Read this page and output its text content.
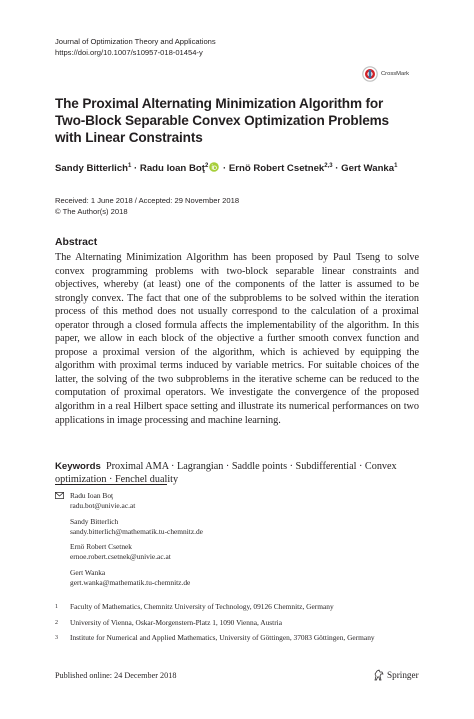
Journal of Optimization Theory and Applications
https://doi.org/10.1007/s10957-018-01454-y
CrossMark
The Proximal Alternating Minimization Algorithm for Two-Block Separable Convex Optimization Problems with Linear Constraints
Sandy Bitterlich$^1$ · Radu Ioan Boţ$^2$ · Ernö Robert Csetnek$^{2,3}$ · Gert Wanka$^1$
Received: 1 June 2018 / Accepted: 29 November 2018
© The Author(s) 2018
Abstract
The Alternating Minimization Algorithm has been proposed by Paul Tseng to solve convex programming problems with two-block separable linear constraints and objectives, whereby (at least) one of the components of the latter is assumed to be strongly convex. The fact that one of the subproblems to be solved within the iteration process of this method does not usually correspond to the calculation of a proximal operator through a closed formula affects the implementability of the algorithm. In this paper, we allow in each block of the objective a further smooth convex function and propose a proximal version of the algorithm, which is achieved by equipping the algorithm with proximal terms induced by variable metrics. For suitable choices of the latter, the solving of the two subproblems in the iterative scheme can be reduced to the computation of proximal operators. We investigate the convergence of the proposed algorithm in a real Hilbert space setting and illustrate its numerical performances on two applications in image processing and machine learning.
Keywords Proximal AMA · Lagrangian · Saddle points · Subdifferential · Convex optimization · Fenchel duality
Radu Ioan Boţ
radu.bot@univie.ac.at
Sandy Bitterlich
sandy.bitterlich@mathematik.tu-chemnitz.de
Ernö Robert Csetnek
ernoe.robert.csetnek@univie.ac.at
Gert Wanka
gert.wanka@mathematik.tu-chemnitz.de
1	Faculty of Mathematics, Chemnitz University of Technology, 09126 Chemnitz, Germany
2	University of Vienna, Oskar-Morgenstern-Platz 1, 1090 Vienna, Austria
3	Institute for Numerical and Applied Mathematics, University of Göttingen, 37083 Göttingen, Germany
Published online: 24 December 2018	Springer
